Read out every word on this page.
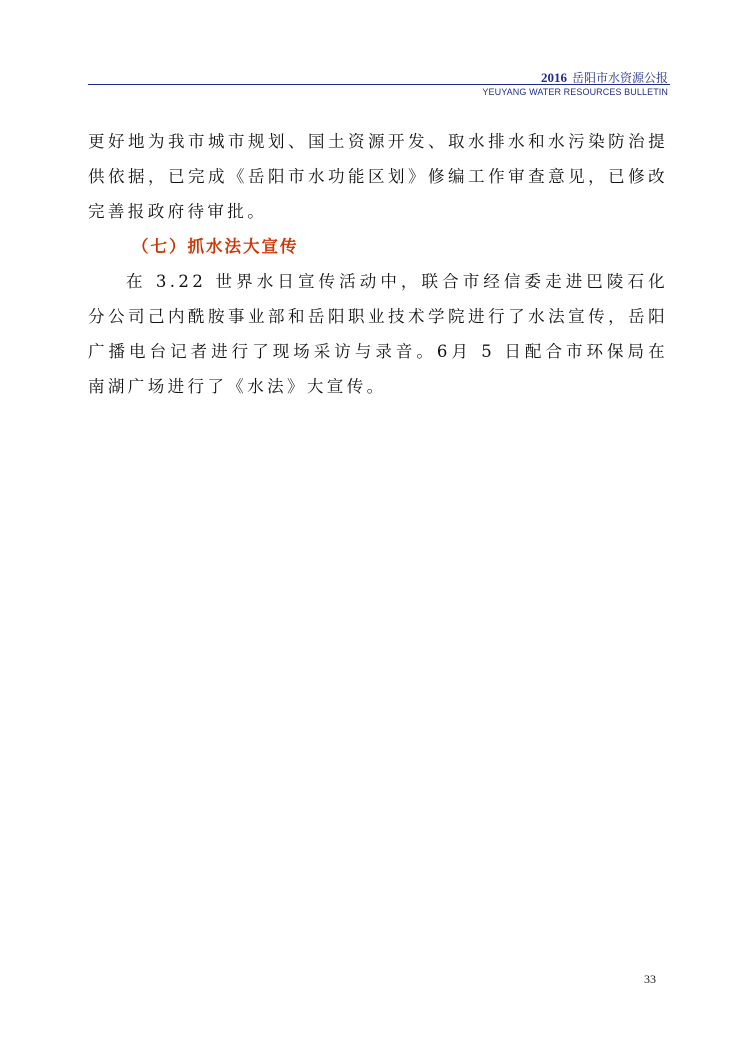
2016 岳阳市水资源公报
YEUYANG WATER RESOURCES BULLETIN

更好地为我市城市规划、国土资源开发、取水排水和水污染防治提供依据，已完成《岳阳市水功能区划》修编工作审查意见，已修改完善报政府待审批。

（七）抓水法大宣传

在 3.22 世界水日宣传活动中，联合市经信委走进巴陵石化分公司己内酰胺事业部和岳阳职业技术学院进行了水法宣传，岳阳广播电台记者进行了现场采访与录音。6月 5 日配合市环保局在南湖广场进行了《水法》大宣传。

33
